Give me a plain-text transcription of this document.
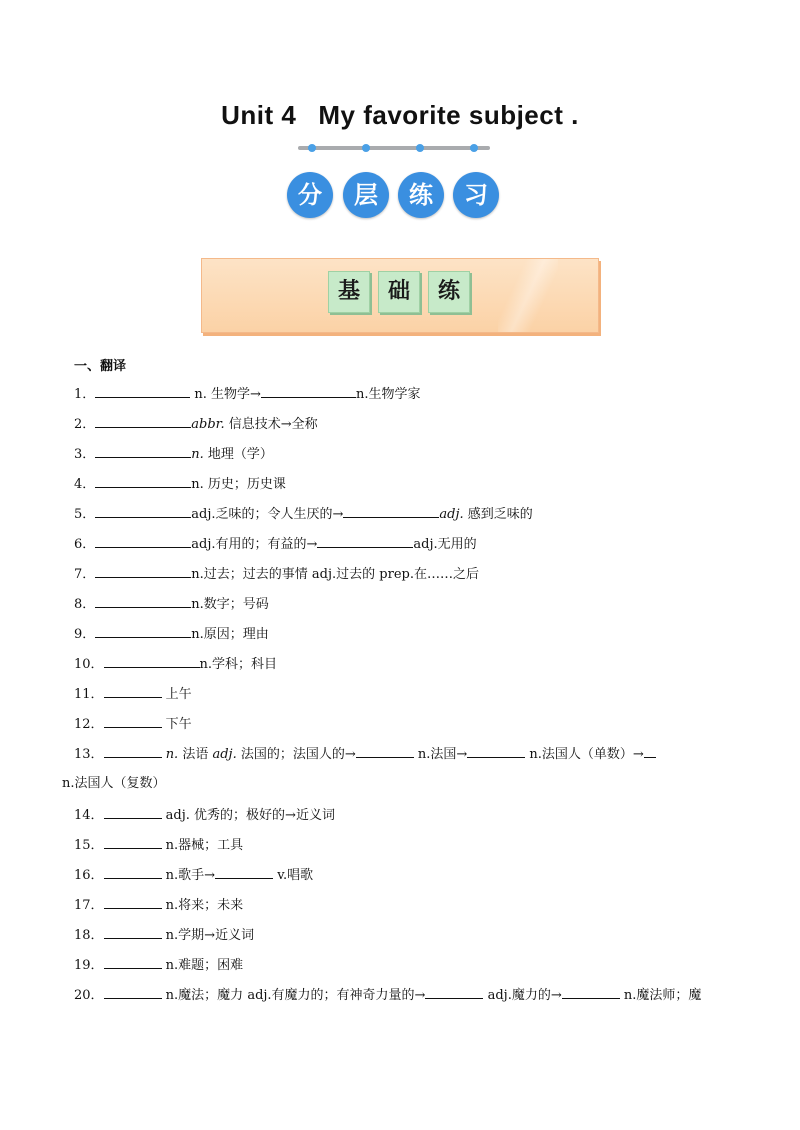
Unit 4 My favorite subject .
分	层	练	习
基	础	练
一、翻译
1．	n. 生物学→	n.生物学家
2．	abbr. 信息技术→全称
3．	n. 地理（学）
4．	n. 历史；历史课
5．	adj.乏味的；令人生厌的→	adj. 感到乏味的
6．	adj.有用的；有益的→	adj.无用的
7．	n.过去；过去的事情 adj.过去的 prep.在……之后
8．	n.数字；号码
9．	n.原因；理由
10．	n.学科；科目
11．	上午
12．	下午
13．	n. 法语 adj. 法国的；法国人的→	n.法国→	n.法国人（单数）→
n.法国人（复数）
14．	adj. 优秀的；极好的→近义词
15．	n.器械；工具
16．	n.歌手→	v.唱歌
17．	n.将来；未来
18．	n.学期→近义词
19．	n.难题；困难
20．	n.魔法；魔力 adj.有魔力的；有神奇力量的→	adj.魔力的→	n.魔法师；魔
